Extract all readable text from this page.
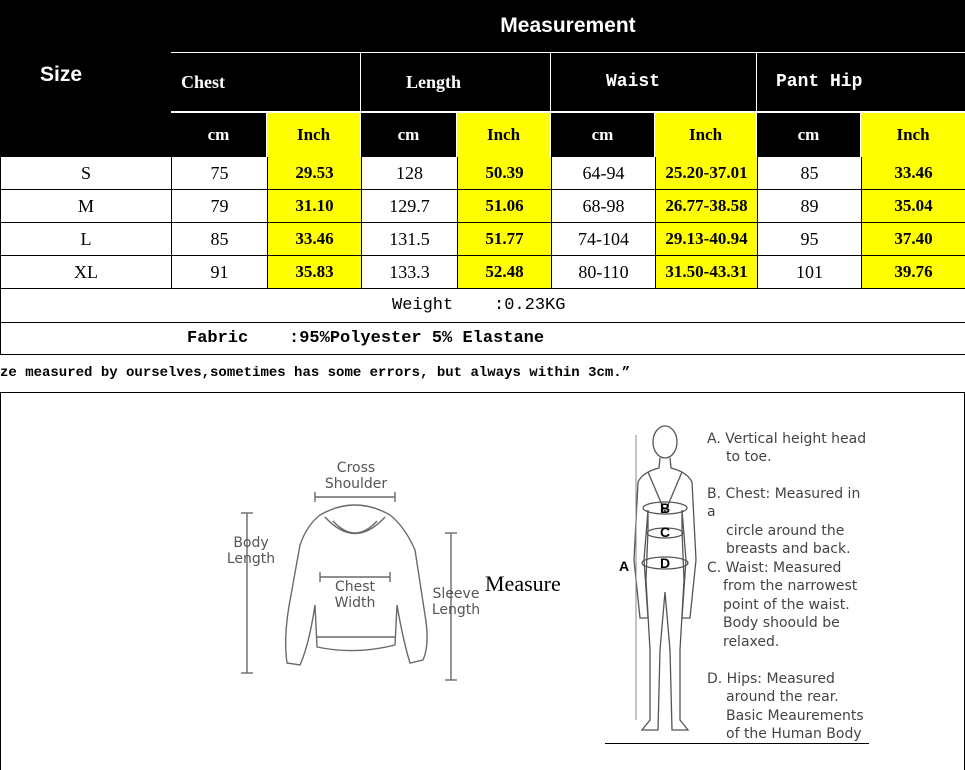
Size
Measurement
Chest	Length	Waist	Pant Hip
cm	Inch	cm	Inch	cm	Inch	cm	Inch
S	75	29.53	128	50.39	64-94	25.20-37.01	85	33.46
M	79	31.10	129.7	51.06	68-98	26.77-38.58	89	35.04
L	85	33.46	131.5	51.77	74-104	29.13-40.94	95	37.40
XL	91	35.83	133.3	52.48	80-110	31.50-43.31	101	39.76
Weight    :0.23KG
Fabric    :95%Polyester 5% Elastane
ze measured by ourselves,sometimes has some errors, but always within 3cm.”
Cross
Shoulder
Body
Length
Chest
Width
Sleeve
Length
Measure
A
B
C
D
A. Vertical height head
to toe.
B. Chest: Measured in a
circle around the
breasts and back.
C. Waist: Measured
from the narrowest
point of the waist.
Body shoould be
relaxed.
D. Hips: Measured
around the rear.
Basic Meaurements
of the Human Body
